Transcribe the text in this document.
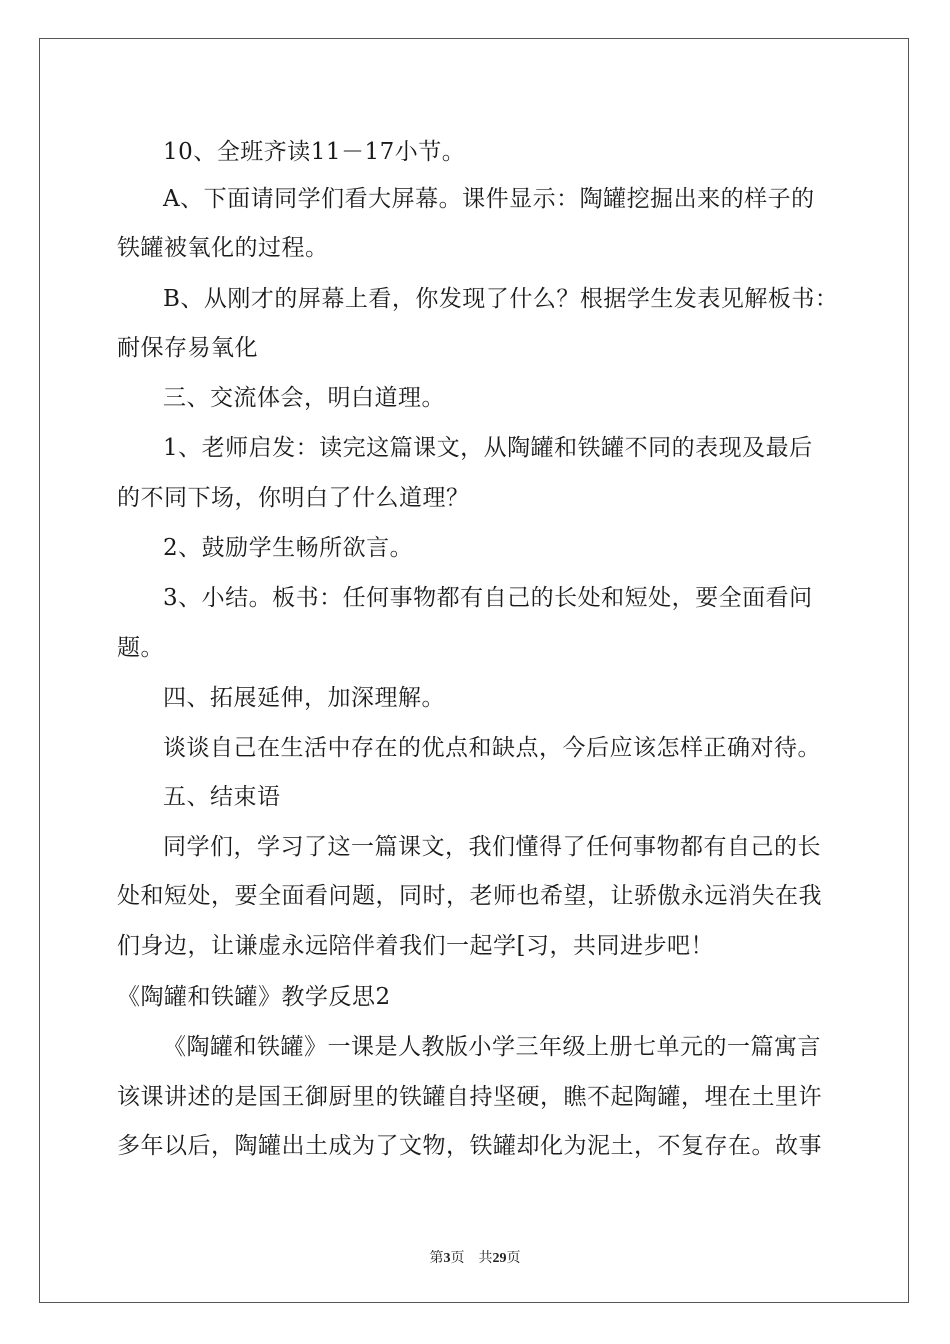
10、全班齐读11－17小节。
A、下面请同学们看大屏幕。课件显示：陶罐挖掘出来的样子的
铁罐被氧化的过程。
B、从刚才的屏幕上看，你发现了什么？根据学生发表见解板书：
耐保存易氧化
三、交流体会，明白道理。
1、老师启发：读完这篇课文，从陶罐和铁罐不同的表现及最后
的不同下场，你明白了什么道理？
2、鼓励学生畅所欲言。
3、小结。板书：任何事物都有自己的长处和短处，要全面看问
题。
四、拓展延伸，加深理解。
谈谈自己在生活中存在的优点和缺点，今后应该怎样正确对待。
五、结束语
同学们，学习了这一篇课文，我们懂得了任何事物都有自己的长
处和短处，要全面看问题，同时，老师也希望，让骄傲永远消失在我
们身边，让谦虚永远陪伴着我们一起学[习，共同进步吧！
《陶罐和铁罐》教学反思2
《陶罐和铁罐》一课是人教版小学三年级上册七单元的一篇寓言
该课讲述的是国王御厨里的铁罐自持坚硬，瞧不起陶罐，埋在土里许
多年以后，陶罐出土成为了文物，铁罐却化为泥土，不复存在。故事
第3页　共29页
